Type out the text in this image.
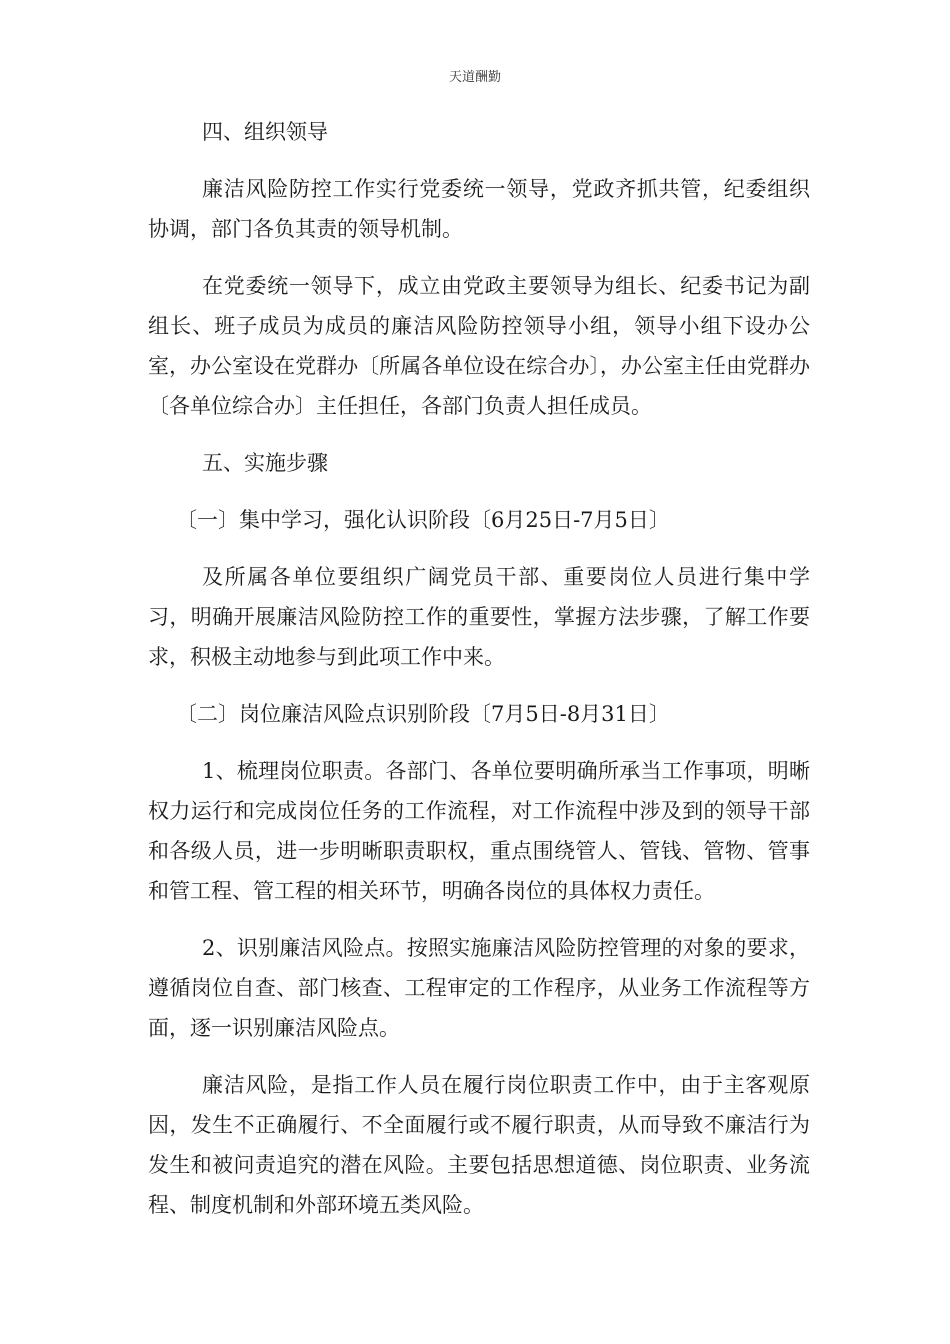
天道酬勤

四、组织领导

廉洁风险防控工作实行党委统一领导，党政齐抓共管，纪委组织协调，部门各负其责的领导机制。

在党委统一领导下，成立由党政主要领导为组长、纪委书记为副组长、班子成员为成员的廉洁风险防控领导小组，领导小组下设办公室，办公室设在党群办〔所属各单位设在综合办〕，办公室主任由党群办〔各单位综合办〕主任担任，各部门负责人担任成员。

五、实施步骤

〔一〕集中学习，强化认识阶段〔6月25日-7月5日〕

及所属各单位要组织广阔党员干部、重要岗位人员进行集中学习，明确开展廉洁风险防控工作的重要性，掌握方法步骤，了解工作要求，积极主动地参与到此项工作中来。

〔二〕岗位廉洁风险点识别阶段〔7月5日-8月31日〕

1、梳理岗位职责。各部门、各单位要明确所承当工作事项，明晰权力运行和完成岗位任务的工作流程，对工作流程中涉及到的领导干部和各级人员，进一步明晰职责职权，重点围绕管人、管钱、管物、管事和管工程、管工程的相关环节，明确各岗位的具体权力责任。

2、识别廉洁风险点。按照实施廉洁风险防控管理的对象的要求，遵循岗位自查、部门核查、工程审定的工作程序，从业务工作流程等方面，逐一识别廉洁风险点。

廉洁风险，是指工作人员在履行岗位职责工作中，由于主客观原因，发生不正确履行、不全面履行或不履行职责，从而导致不廉洁行为发生和被问责追究的潜在风险。主要包括思想道德、岗位职责、业务流程、制度机制和外部环境五类风险。
